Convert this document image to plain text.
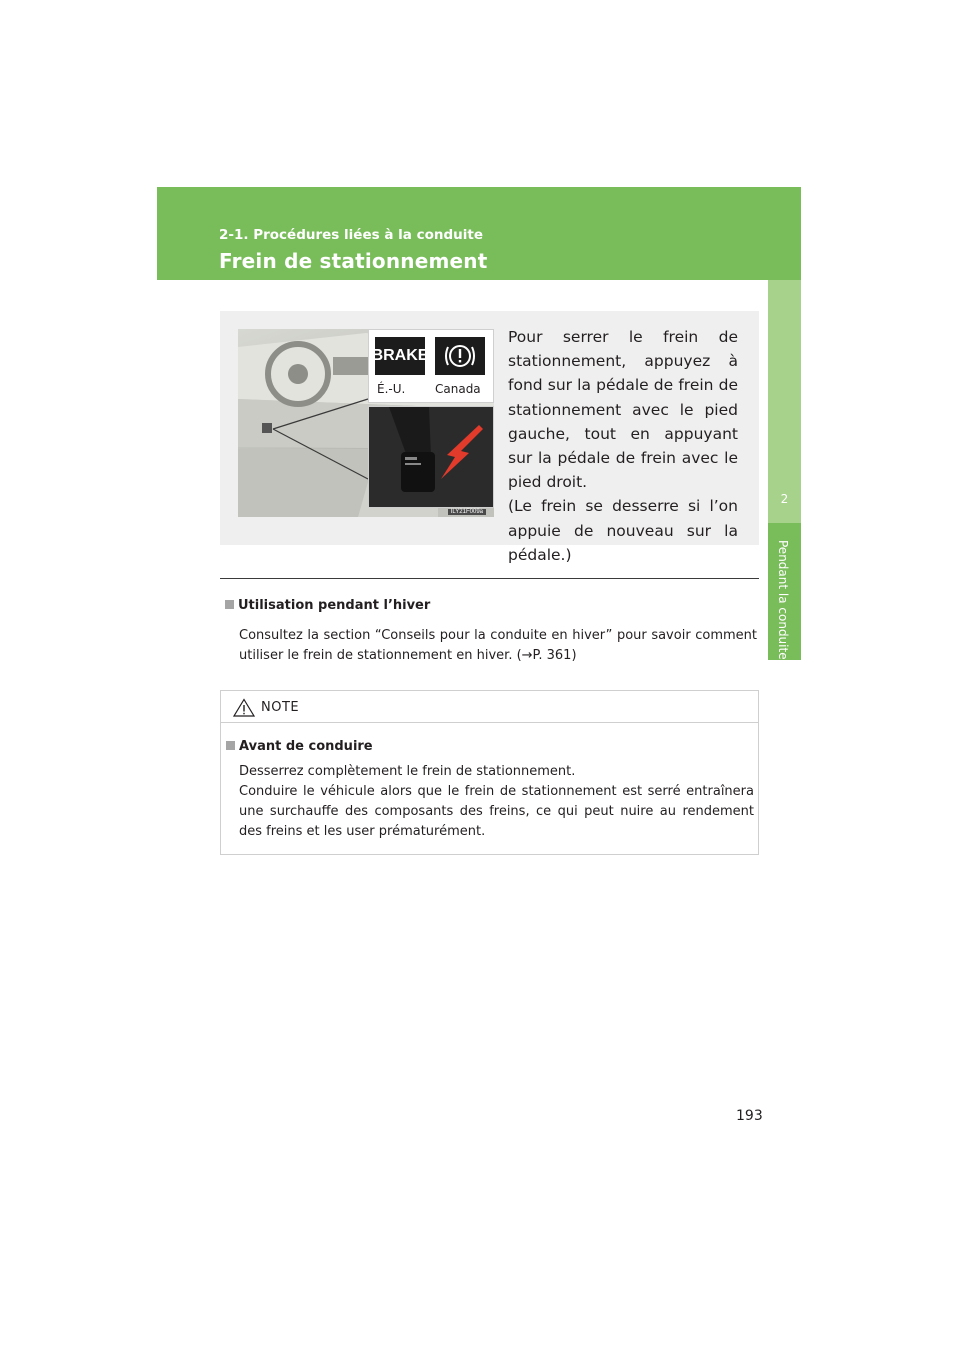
2-1. Procédures liées à la conduite
Frein de stationnement
2
Pendant la conduite
BRAKE
É.-U. Canada
ILY21F009a

Pour serrer le frein de stationnement, appuyez à fond sur la pédale de frein de stationnement avec le pied gauche, tout en appuyant sur la pédale de frein avec le pied droit.

(Le frein se desserre si l’on appuie de nouveau sur la pédale.)

Utilisation pendant l’hiver
Consultez la section “Conseils pour la conduite en hiver” pour savoir comment utiliser le frein de stationnement en hiver. (→P. 361)
NOTE
Avant de conduire

Desserrez complètement le frein de stationnement.

Conduire le véhicule alors que le frein de stationnement est serré entraînera une surchauffe des composants des freins, ce qui peut nuire au rendement des freins et les user prématurément.

193
